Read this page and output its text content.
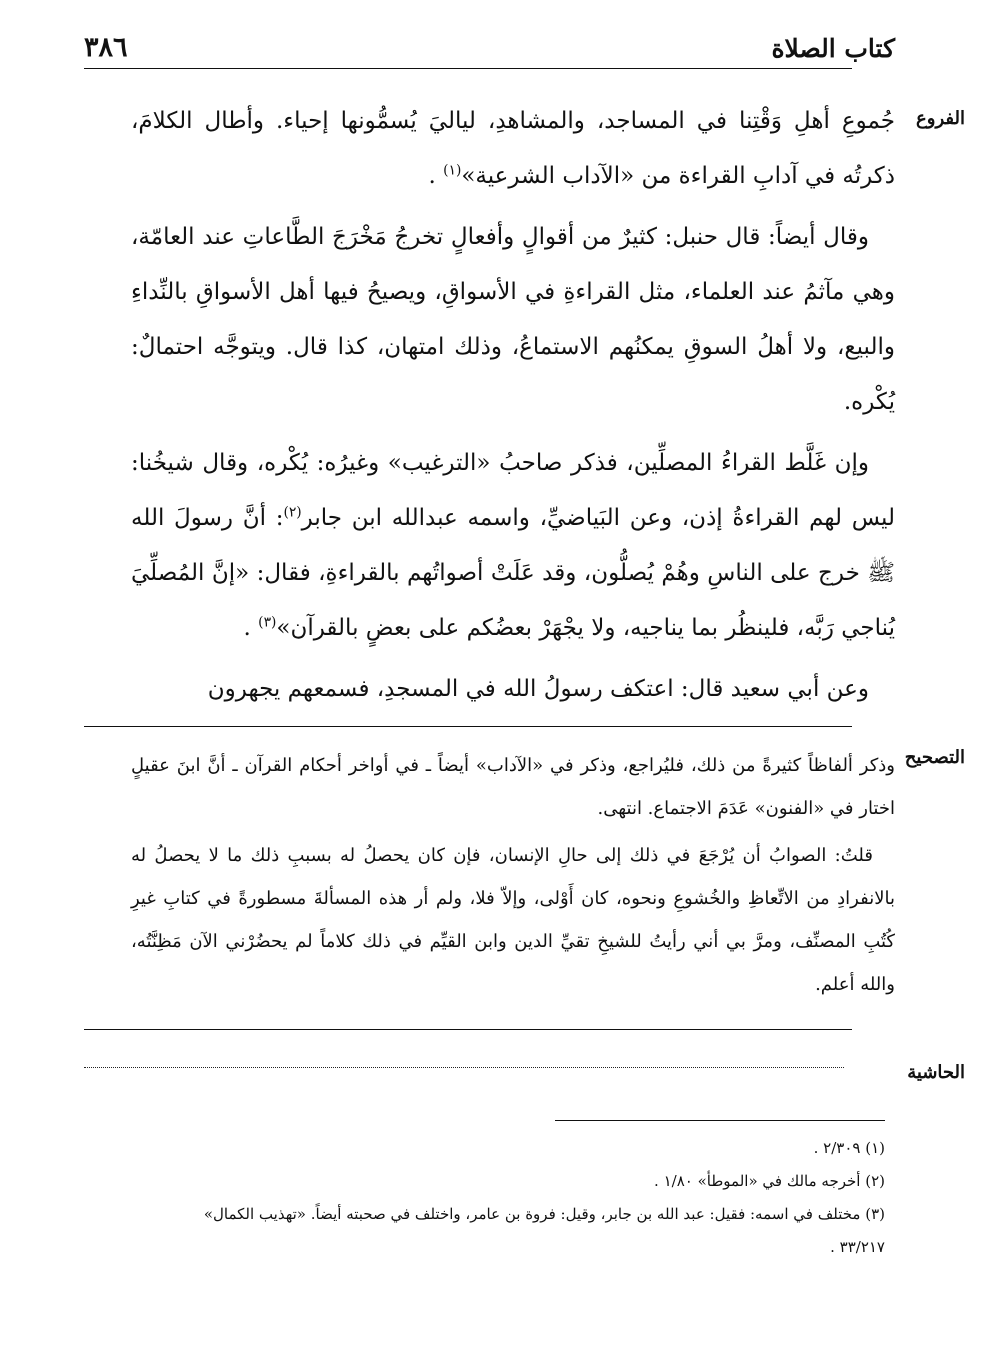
كتاب الصلاة
٣٨٦
الفروع
التصحيح
الحاشية

جُموعِ أهلِ وَقْتِنا في المساجد، والمشاهدِ، لياليَ يُسمُّونها إحياء. وأطال الكلامَ، ذكرتُه في آدابِ القراءة من «الآداب الشرعية»$^{(١)}$ .

وقال أيضاً: قال حنبل: كثيرٌ من أقوالٍ وأفعالٍ تخرجُ مَخْرَجَ الطَّاعاتِ عند العامّة، وهي مآثمُ عند العلماء، مثل القراءةِ في الأسواقِ، ويصيحُ فيها أهل الأسواقِ بالنِّداءِ والبيع، ولا أهلُ السوقِ يمكنُهم الاستماعُ، وذلك امتهان، كذا قال. ويتوجَّه احتمالٌ: يُكْره.

وإن غَلَّط القراءُ المصلِّين، فذكر صاحبُ «الترغيب» وغيرُه: يُكْره، وقال شيخُنا: ليس لهم القراءةُ إذن، وعن البَياضيِّ، واسمه عبدالله ابن جابر$^{(٢)}$: أنَّ رسولَ الله ﷺ خرج على الناسِ وهُمْ يُصلُّون، وقد عَلَتْ أصواتُهم بالقراءةِ، فقال: «إنَّ المُصلِّيَ يُناجي رَبَّه، فلينظُر بما يناجيه، ولا يجْهَرْ بعضُكم على بعضٍ بالقرآن»$^{(٣)}$ .

وعن أبي سعيد قال: اعتكف رسولُ الله في المسجدِ، فسمعهم يجهرون

وذكر ألفاظاً كثيرةً من ذلك، فليُراجع، وذكر في «الآداب» أيضاً ـ في أواخر أحكام القرآن ـ أنَّ ابنَ عقيلٍ اختار في «الفنون» عَدَمَ الاجتماع. انتهى.

قلتُ: الصوابُ أن يُرْجَعَ في ذلك إلى حالِ الإنسان، فإن كان يحصلُ له بسببِ ذلك ما لا يحصلُ له بالانفرادِ من الاتِّعاظِ والخُشوعِ ونحوه، كان أَوْلى، وإلاّ فلا، ولم أر هذه المسألةَ مسطورةً في كتابِ غيرِ كُتُبِ المصنِّف، ومرَّ بي أني رأيتُ للشيخِ تقيِّ الدين وابن القيِّم في ذلك كلاماً لم يحضُرْني الآن مَظِنَّتُه، والله أعلم.

(١) ٢/٣٠٩ .
(٢) أخرجه مالك في «الموطأ» ١/٨٠ .
(٣) مختلف في اسمه: فقيل: عبد الله بن جابر، وقيل: فروة بن عامر، واختلف في صحبته أيضاً. «تهذيب الكمال»
٣٣/٢١٧ .
